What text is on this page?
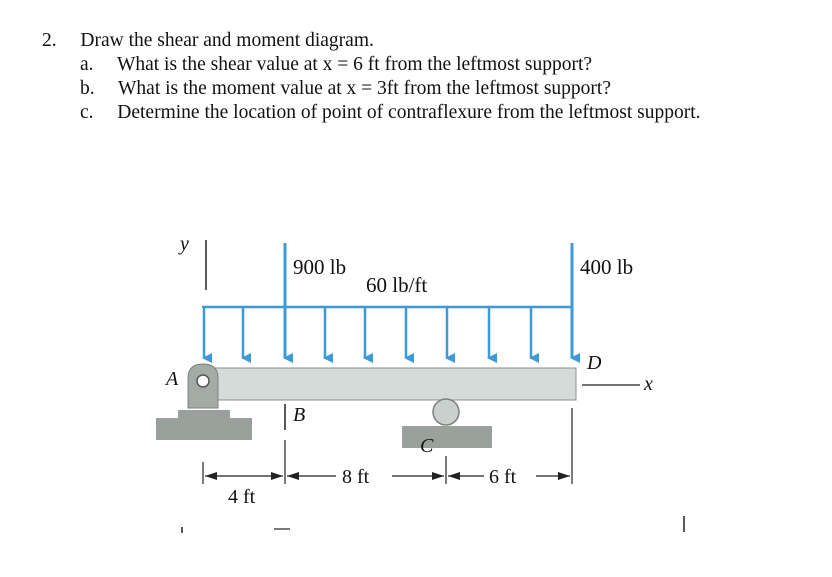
2. Draw the shear and moment diagram.
a. What is the shear value at x = 6 ft from the leftmost support?
b. What is the moment value at x = 3ft from the leftmost support?
c. Determine the location of point of contraflexure from the leftmost support.
y
900 lb
60 lb/ft
400 lb
A
B
C
D
x
4 ft
8 ft	6 ft
